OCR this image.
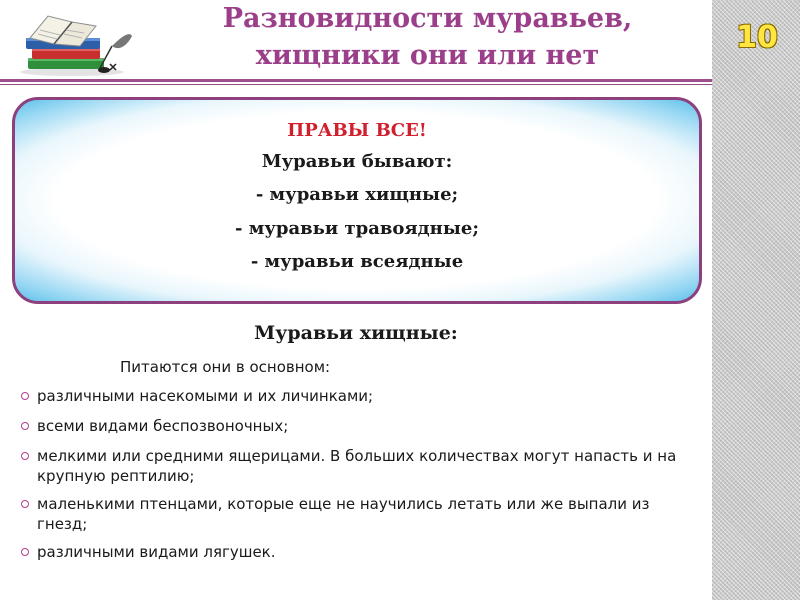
10
Разновидности муравьев,
хищники они или нет
ПРАВЫ ВСЕ!
Муравьи бывают:
- муравьи хищные;
- муравьи травоядные;
- муравьи всеядные
Муравьи хищные:
Питаются они в основном:
различными насекомыми и их личинками;
всеми видами беспозвоночных;
мелкими или средними ящерицами. В больших количествах могут напасть и на крупную рептилию;
маленькими птенцами, которые еще не научились летать или же выпали из гнезд;
различными видами лягушек.
